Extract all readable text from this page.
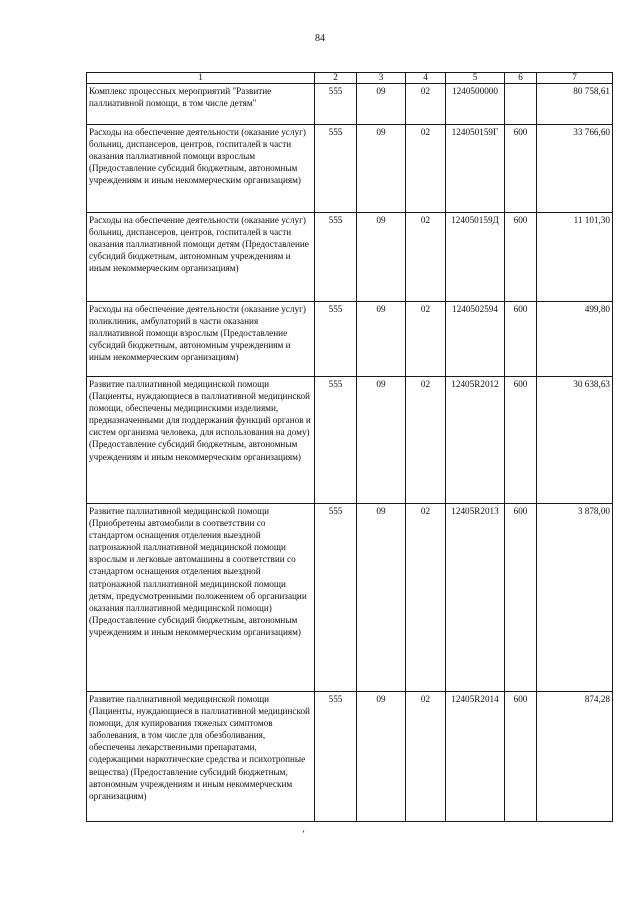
84
1	2	3	4	5	6	7
Комплекс процессных мероприятий "Развитие паллиативной помощи, в том числе детям"	555	09	02	1240500000		80 758,61
Расходы на обеспечение деятельности (оказание услуг) больниц, диспансеров, центров, госпиталей в части оказания паллиативной помощи взрослым (Предоставление субсидий бюджетным, автономным учреждениям и иным некоммерческим организациям)	555	09	02	124050159Г	600	33 766,60
Расходы на обеспечение деятельности (оказание услуг) больниц, диспансеров, центров, госпиталей в части оказания паллиативной помощи детям (Предоставление субсидий бюджетным, автономным учреждениям и иным некоммерческим организациям)	555	09	02	124050159Д	600	11 101,30
Расходы на обеспечение деятельности (оказание услуг) поликлиник, амбулаторий в части оказания паллиативной помощи взрослым (Предоставление субсидий бюджетным, автономным учреждениям и иным некоммерческим организациям)	555	09	02	1240502594	600	499,80
Развитие паллиативной медицинской помощи (Пациенты, нуждающиеся в паллиативной медицинской помощи, обеспечены медицинскими изделиями, предназначенными для поддержания функций органов и систем организма человека, для использования на дому) (Предоставление субсидий бюджетным, автономным учреждениям и иным некоммерческим организациям)	555	09	02	12405R2012	600	30 638,63
Развитие паллиативной медицинской помощи (Приобретены автомобили в соответствии со стандартом оснащения отделения выездной патронажной паллиативной медицинской помощи взрослым и легковые автомашины в соответствии со стандартом оснащения отделения выездной патронажной паллиативной медицинской помощи детям, предусмотренными положением об организации оказания паллиативной медицинской помощи) (Предоставление субсидий бюджетным, автономным учреждениям и иным некоммерческим организациям)	555	09	02	12405R2013	600	3 878,00
Развитие паллиативной медицинской помощи (Пациенты, нуждающиеся в паллиативной медицинской помощи, для купирования тяжелых симптомов заболевания, в том числе для обезболивания, обеспечены лекарственными препаратами, содержащими наркотические средства и психотропные вещества) (Предоставление субсидий бюджетным, автономным учреждениям и иным некоммерческим организациям)	555	09	02	12405R2014	600	874,28
ʼ
